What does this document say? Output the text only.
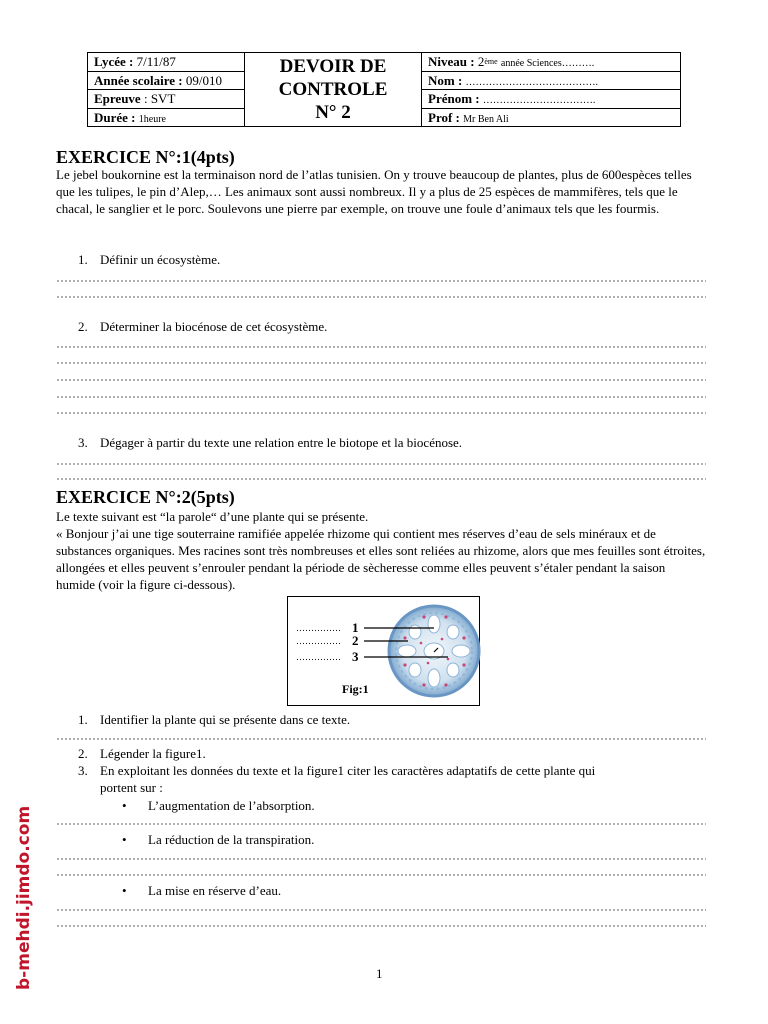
Lycée : 7/11/87
Année scolaire : 09/010
Epreuve : SVT
Durée : 1heure
DEVOIR DE
CONTROLE
N° 2
Niveau : 2ème année Sciences……….
Nom : ………………………………….
Prénom : …………………………….
Prof : Mr Ben Ali
EXERCICE N°:1(4pts)
Le jebel boukornine est la terminaison nord de l’atlas tunisien. On y trouve beaucoup de plantes, plus de 600espèces telles que les tulipes, le pin d’Alep,… Les animaux sont aussi nombreux. Il y a plus de 25 espèces de mammifères, tels que le chacal, le sanglier et le porc. Soulevons une pierre par exemple, on trouve une foule d’animaux tels que les fourmis.
1. Définir un écosystème.
2. Déterminer la biocénose de cet écosystème.
3. Dégager à partir du texte une relation entre le biotope et la biocénose.
EXERCICE N°:2(5pts)
Le texte suivant est “la parole“ d’une plante qui se présente.
« Bonjour j’ai une tige souterraine ramifiée appelée rhizome qui contient mes réserves d’eau de sels minéraux et de substances organiques. Mes racines sont très nombreuses et elles sont reliées au rhizome, alors que mes feuilles sont étroites, allongées et elles peuvent s’enrouler pendant la période de sècheresse comme elles peuvent s’étaler pendant la saison humide (voir la figure ci-dessous).
……………
……………
……………
1
2
3
Fig:1
1. Identifier la plante qui se présente dans ce texte.
2. Légender la figure1.
3. En exploitant les données du texte et la figure1 citer les caractères adaptatifs de cette plante qui
portent sur :
• L’augmentation de l’absorption.
• La réduction de la transpiration.
• La mise en réserve d’eau.
1
b-mehdi.jimdo.com
